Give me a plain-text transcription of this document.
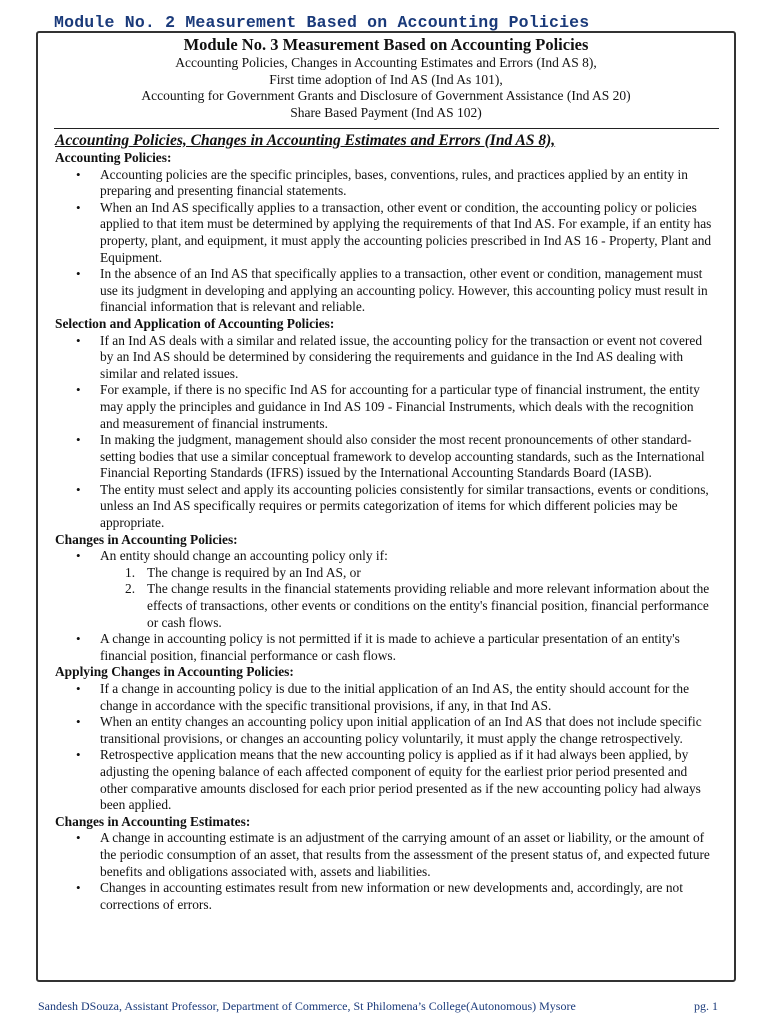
Module No. 2 Measurement Based on Accounting Policies
Module No. 3 Measurement Based on Accounting Policies
Accounting Policies, Changes in Accounting Estimates and Errors (Ind AS 8),
First time adoption of Ind AS (Ind As 101),
Accounting for Government Grants and Disclosure of Government Assistance (Ind AS 20)
Share Based Payment (Ind AS 102)

Accounting Policies, Changes in Accounting Estimates and Errors (Ind AS 8),

Accounting Policies:

• Accounting policies are the specific principles, bases, conventions, rules, and practices applied by an entity in preparing and presenting financial statements.
• When an Ind AS specifically applies to a transaction, other event or condition, the accounting policy or policies applied to that item must be determined by applying the requirements of that Ind AS. For example, if an entity has property, plant, and equipment, it must apply the accounting policies prescribed in Ind AS 16 - Property, Plant and Equipment.
• In the absence of an Ind AS that specifically applies to a transaction, other event or condition, management must use its judgment in developing and applying an accounting policy. However, this accounting policy must result in financial information that is relevant and reliable.

Selection and Application of Accounting Policies:

• If an Ind AS deals with a similar and related issue, the accounting policy for the transaction or event not covered by an Ind AS should be determined by considering the requirements and guidance in the Ind AS dealing with similar and related issues.
• For example, if there is no specific Ind AS for accounting for a particular type of financial instrument, the entity may apply the principles and guidance in Ind AS 109 - Financial Instruments, which deals with the recognition and measurement of financial instruments.
• In making the judgment, management should also consider the most recent pronouncements of other standard-setting bodies that use a similar conceptual framework to develop accounting standards, such as the International Financial Reporting Standards (IFRS) issued by the International Accounting Standards Board (IASB).
• The entity must select and apply its accounting policies consistently for similar transactions, events or conditions, unless an Ind AS specifically requires or permits categorization of items for which different policies may be appropriate.

Changes in Accounting Policies:

• An entity should change an accounting policy only if:
1. The change is required by an Ind AS, or
2. The change results in the financial statements providing reliable and more relevant information about the effects of transactions, other events or conditions on the entity's financial position, financial performance or cash flows.
• A change in accounting policy is not permitted if it is made to achieve a particular presentation of an entity's financial position, financial performance or cash flows.

Applying Changes in Accounting Policies:

• If a change in accounting policy is due to the initial application of an Ind AS, the entity should account for the change in accordance with the specific transitional provisions, if any, in that Ind AS.
• When an entity changes an accounting policy upon initial application of an Ind AS that does not include specific transitional provisions, or changes an accounting policy voluntarily, it must apply the change retrospectively.
• Retrospective application means that the new accounting policy is applied as if it had always been applied, by adjusting the opening balance of each affected component of equity for the earliest prior period presented and other comparative amounts disclosed for each prior period presented as if the new accounting policy had always been applied.

Changes in Accounting Estimates:

• A change in accounting estimate is an adjustment of the carrying amount of an asset or liability, or the amount of the periodic consumption of an asset, that results from the assessment of the present status of, and expected future benefits and obligations associated with, assets and liabilities.
• Changes in accounting estimates result from new information or new developments and, accordingly, are not corrections of errors.
Sandesh DSouza, Assistant Professor, Department of Commerce, St Philomena’s College(Autonomous) Mysore	pg. 1
